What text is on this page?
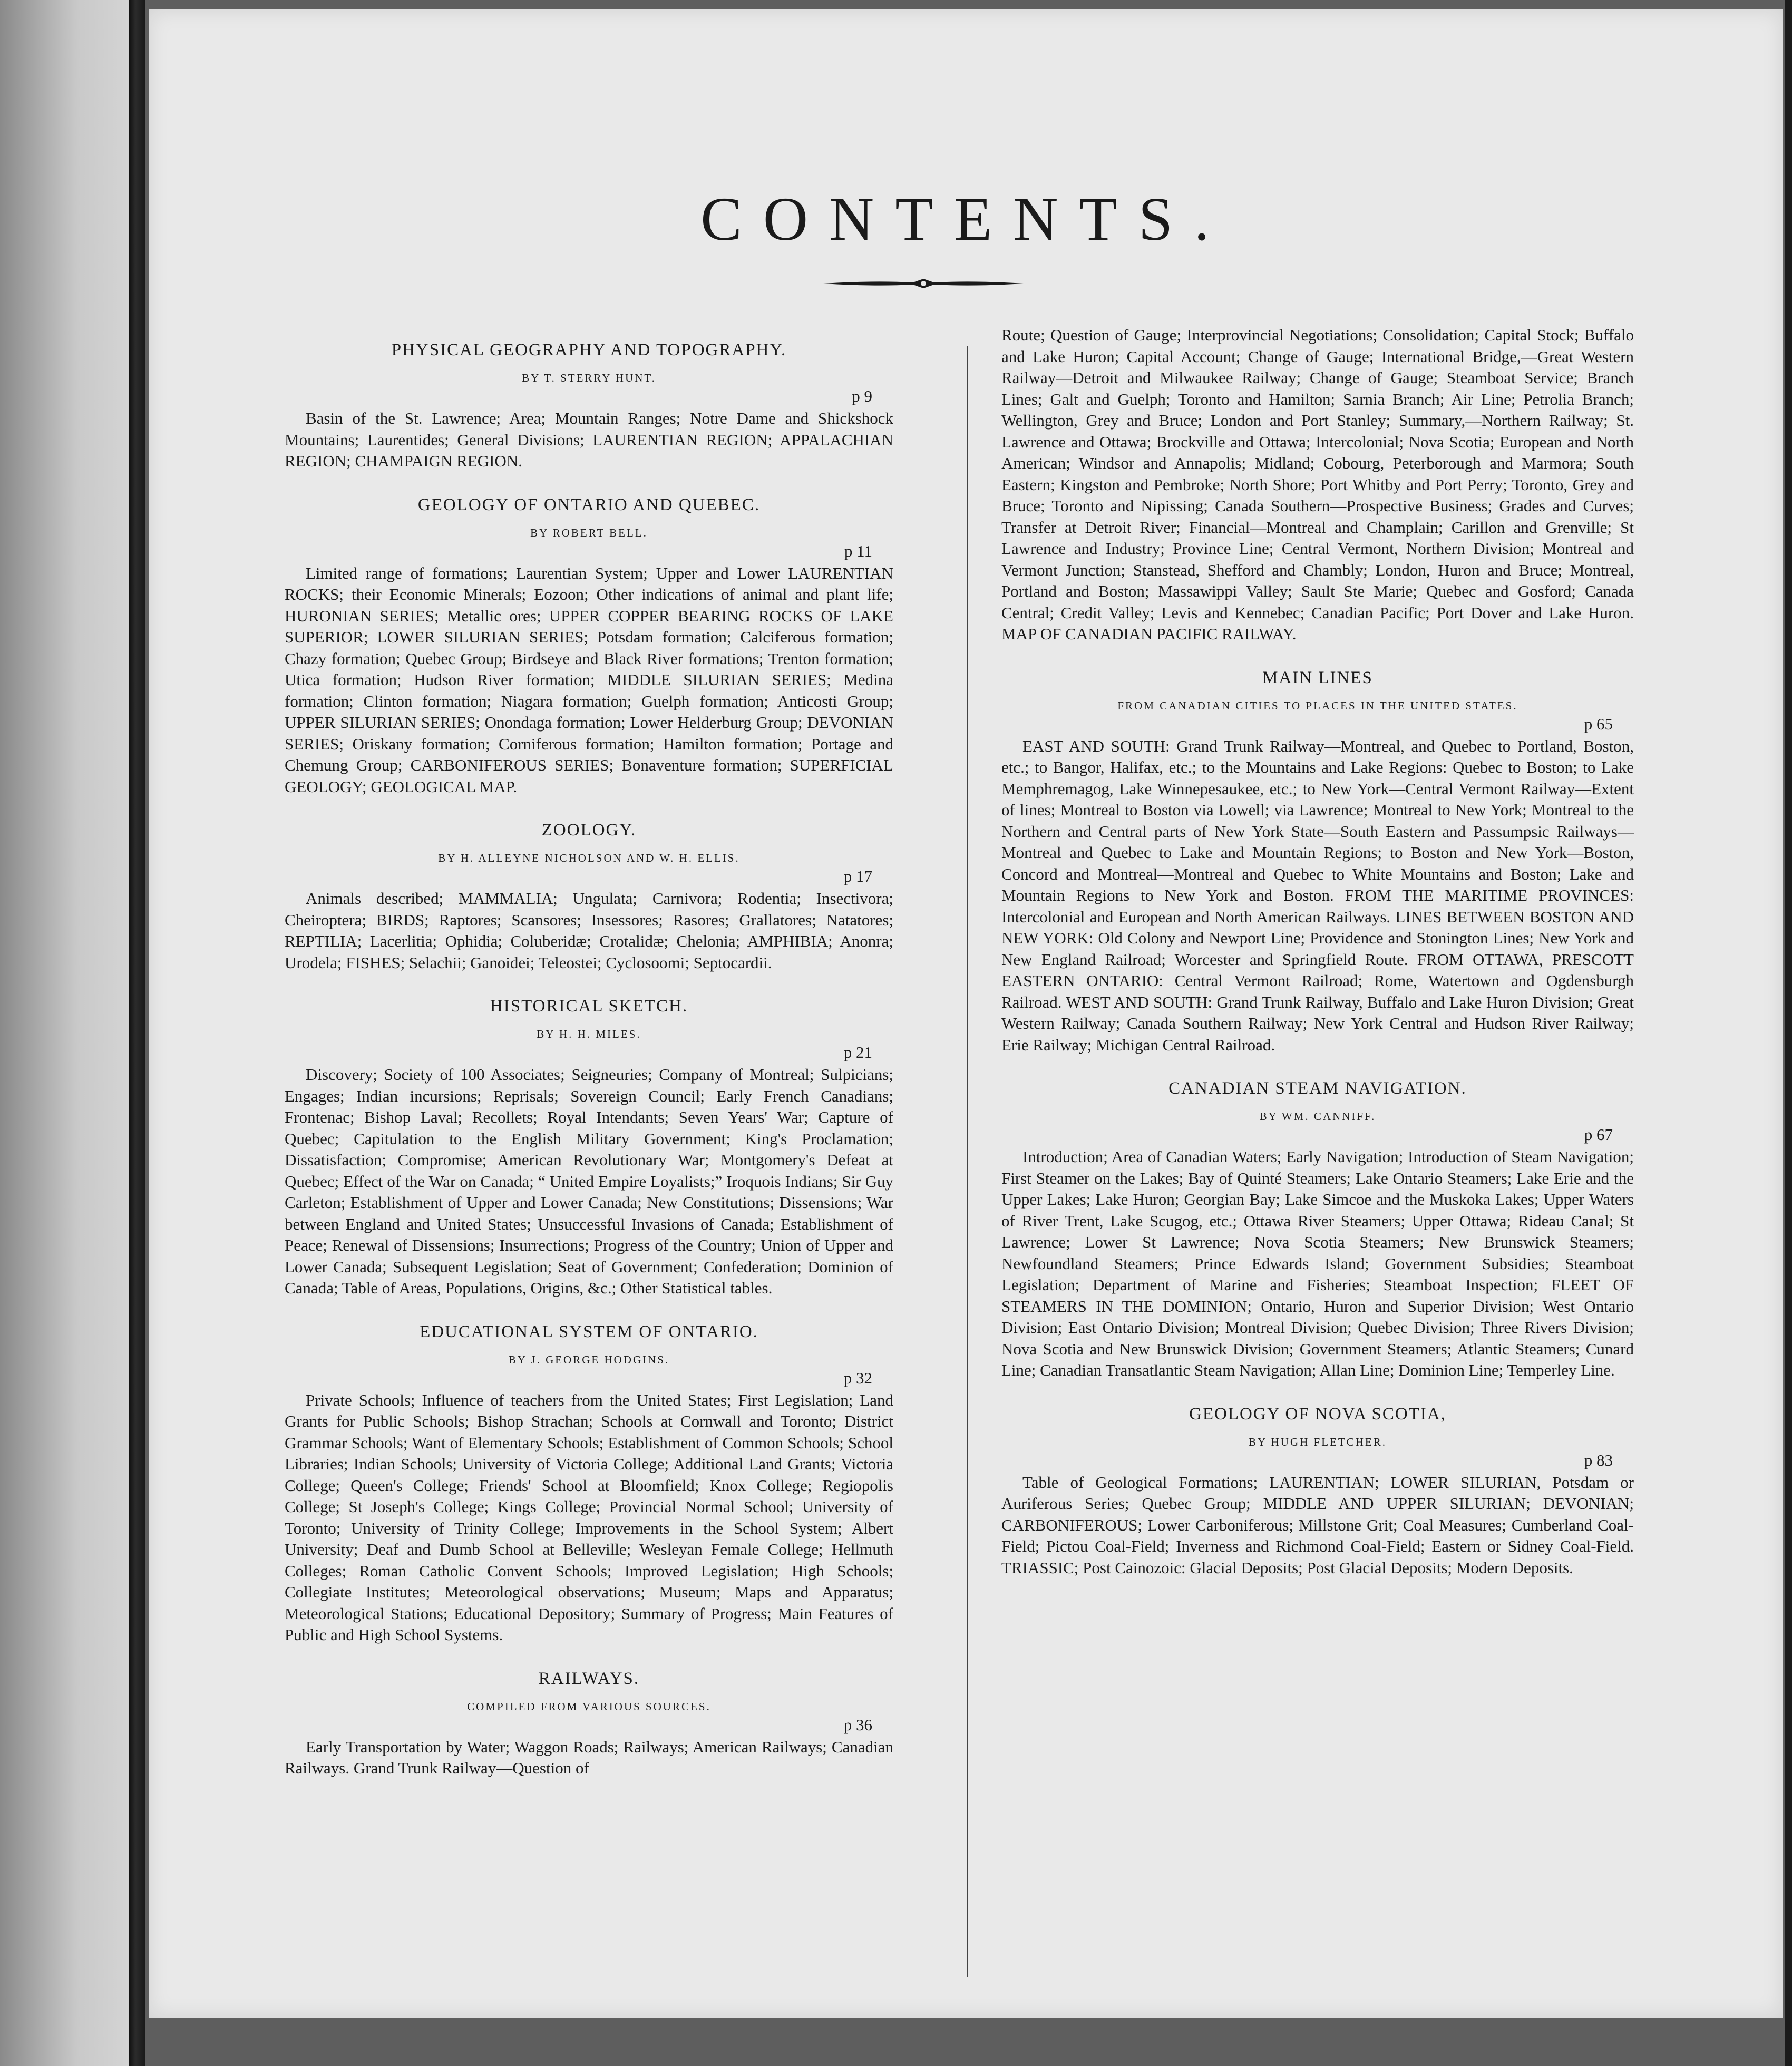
CONTENTS.
PHYSICAL GEOGRAPHY AND TOPOGRAPHY.

BY T. STERRY HUNT.

p 9

Basin of the St. Lawrence; Area; Mountain Ranges; Notre Dame and Shickshock Mountains; Laurentides; General Divisions; LAURENTIAN REGION; APPALACHIAN REGION; CHAMPAIGN REGION.

GEOLOGY OF ONTARIO AND QUEBEC.

BY ROBERT BELL.

p 11

Limited range of formations; Laurentian System; Upper and Lower LAURENTIAN ROCKS; their Economic Minerals; Eozoon; Other indications of animal and plant life; HURONIAN SERIES; Metallic ores; UPPER COPPER BEARING ROCKS OF LAKE SUPERIOR; LOWER SILURIAN SERIES; Potsdam formation; Calciferous formation; Chazy formation; Quebec Group; Birdseye and Black River formations; Trenton formation; Utica formation; Hudson River formation; MIDDLE SILURIAN SERIES; Medina formation; Clinton formation; Niagara formation; Guelph formation; Anticosti Group; UPPER SILURIAN SERIES; Onondaga formation; Lower Helderburg Group; DEVONIAN SERIES; Oriskany formation; Corniferous formation; Hamilton formation; Portage and Chemung Group; CARBONIFEROUS SERIES; Bonaventure formation; SUPERFICIAL GEOLOGY; GEOLOGICAL MAP.

ZOOLOGY.

BY H. ALLEYNE NICHOLSON AND W. H. ELLIS.

p 17

Animals described; MAMMALIA; Ungulata; Carnivora; Rodentia; Insectivora; Cheiroptera; BIRDS; Raptores; Scansores; Insessores; Rasores; Grallatores; Natatores; REPTILIA; Lacerlitia; Ophidia; Coluberidæ; Crotalidæ; Chelonia; AMPHIBIA; Anonra; Urodela; FISHES; Selachii; Ganoidei; Teleostei; Cyclosoomi; Septocardii.

HISTORICAL SKETCH.

BY H. H. MILES.

p 21

Discovery; Society of 100 Associates; Seigneuries; Company of Montreal; Sulpicians; Engages; Indian incursions; Reprisals; Sovereign Council; Early French Canadians; Frontenac; Bishop Laval; Recollets; Royal Intendants; Seven Years' War; Capture of Quebec; Capitulation to the English Military Government; King's Proclamation; Dissatisfaction; Compromise; American Revolutionary War; Montgomery's Defeat at Quebec; Effect of the War on Canada; “ United Empire Loyalists;” Iroquois Indians; Sir Guy Carleton; Establishment of Upper and Lower Canada; New Constitutions; Dissensions; War between England and United States; Unsuccessful Invasions of Canada; Establishment of Peace; Renewal of Dissensions; Insurrections; Progress of the Country; Union of Upper and Lower Canada; Subsequent Legislation; Seat of Government; Confederation; Dominion of Canada; Table of Areas, Populations, Origins, &c.; Other Statistical tables.

EDUCATIONAL SYSTEM OF ONTARIO.

BY J. GEORGE HODGINS.

p 32

Private Schools; Influence of teachers from the United States; First Legislation; Land Grants for Public Schools; Bishop Strachan; Schools at Cornwall and Toronto; District Grammar Schools; Want of Elementary Schools; Establishment of Common Schools; School Libraries; Indian Schools; University of Victoria College; Additional Land Grants; Victoria College; Queen's College; Friends' School at Bloomfield; Knox College; Regiopolis College; St Joseph's College; Kings College; Provincial Normal School; University of Toronto; University of Trinity College; Improvements in the School System; Albert University; Deaf and Dumb School at Belleville; Wesleyan Female College; Hellmuth Colleges; Roman Catholic Convent Schools; Improved Legislation; High Schools; Collegiate Institutes; Meteorological observations; Museum; Maps and Apparatus; Meteorological Stations; Educational Depository; Summary of Progress; Main Features of Public and High School Systems.

RAILWAYS.

COMPILED FROM VARIOUS SOURCES.

p 36

Early Transportation by Water; Waggon Roads; Railways; American Railways; Canadian Railways. Grand Trunk Railway—Question of

Route; Question of Gauge; Interprovincial Negotiations; Consolidation; Capital Stock; Buffalo and Lake Huron; Capital Account; Change of Gauge; International Bridge,—Great Western Railway—Detroit and Milwaukee Railway; Change of Gauge; Steamboat Service; Branch Lines; Galt and Guelph; Toronto and Hamilton; Sarnia Branch; Air Line; Petrolia Branch; Wellington, Grey and Bruce; London and Port Stanley; Summary,—Northern Railway; St. Lawrence and Ottawa; Brockville and Ottawa; Intercolonial; Nova Scotia; European and North American; Windsor and Annapolis; Midland; Cobourg, Peterborough and Marmora; South Eastern; Kingston and Pembroke; North Shore; Port Whitby and Port Perry; Toronto, Grey and Bruce; Toronto and Nipissing; Canada Southern—Prospective Business; Grades and Curves; Transfer at Detroit River; Financial—Montreal and Champlain; Carillon and Grenville; St Lawrence and Industry; Province Line; Central Vermont, Northern Division; Montreal and Vermont Junction; Stanstead, Shefford and Chambly; London, Huron and Bruce; Montreal, Portland and Boston; Massawippi Valley; Sault Ste Marie; Quebec and Gosford; Canada Central; Credit Valley; Levis and Kennebec; Canadian Pacific; Port Dover and Lake Huron. MAP OF CANADIAN PACIFIC RAILWAY.

MAIN LINES

FROM CANADIAN CITIES TO PLACES IN THE UNITED STATES.

p 65

EAST AND SOUTH: Grand Trunk Railway—Montreal, and Quebec to Portland, Boston, etc.; to Bangor, Halifax, etc.; to the Mountains and Lake Regions: Quebec to Boston; to Lake Memphremagog, Lake Winnepesaukee, etc.; to New York—Central Vermont Railway—Extent of lines; Montreal to Boston via Lowell; via Lawrence; Montreal to New York; Montreal to the Northern and Central parts of New York State—South Eastern and Passumpsic Railways—Montreal and Quebec to Lake and Mountain Regions; to Boston and New York—Boston, Concord and Montreal—Montreal and Quebec to White Mountains and Boston; Lake and Mountain Regions to New York and Boston. FROM THE MARITIME PROVINCES: Intercolonial and European and North American Railways. LINES BETWEEN BOSTON AND NEW YORK: Old Colony and Newport Line; Providence and Stonington Lines; New York and New England Railroad; Worcester and Springfield Route. FROM OTTAWA, PRESCOTT EASTERN ONTARIO: Central Vermont Railroad; Rome, Watertown and Ogdensburgh Railroad. WEST AND SOUTH: Grand Trunk Railway, Buffalo and Lake Huron Division; Great Western Railway; Canada Southern Railway; New York Central and Hudson River Railway; Erie Railway; Michigan Central Railroad.

CANADIAN STEAM NAVIGATION.

BY WM. CANNIFF.

p 67

Introduction; Area of Canadian Waters; Early Navigation; Introduction of Steam Navigation; First Steamer on the Lakes; Bay of Quinté Steamers; Lake Ontario Steamers; Lake Erie and the Upper Lakes; Lake Huron; Georgian Bay; Lake Simcoe and the Muskoka Lakes; Upper Waters of River Trent, Lake Scugog, etc.; Ottawa River Steamers; Upper Ottawa; Rideau Canal; St Lawrence; Lower St Lawrence; Nova Scotia Steamers; New Brunswick Steamers; Newfoundland Steamers; Prince Edwards Island; Government Subsidies; Steamboat Legislation; Department of Marine and Fisheries; Steamboat Inspection; FLEET OF STEAMERS IN THE DOMINION; Ontario, Huron and Superior Division; West Ontario Division; East Ontario Division; Montreal Division; Quebec Division; Three Rivers Division; Nova Scotia and New Brunswick Division; Government Steamers; Atlantic Steamers; Cunard Line; Canadian Transatlantic Steam Navigation; Allan Line; Dominion Line; Temperley Line.

GEOLOGY OF NOVA SCOTIA,

BY HUGH FLETCHER.

p 83

Table of Geological Formations; LAURENTIAN; LOWER SILURIAN, Potsdam or Auriferous Series; Quebec Group; MIDDLE AND UPPER SILURIAN; DEVONIAN; CARBONIFEROUS; Lower Carboniferous; Millstone Grit; Coal Measures; Cumberland Coal-Field; Pictou Coal-Field; Inverness and Richmond Coal-Field; Eastern or Sidney Coal-Field. TRIASSIC; Post Cainozoic: Glacial Deposits; Post Glacial Deposits; Modern Deposits.
